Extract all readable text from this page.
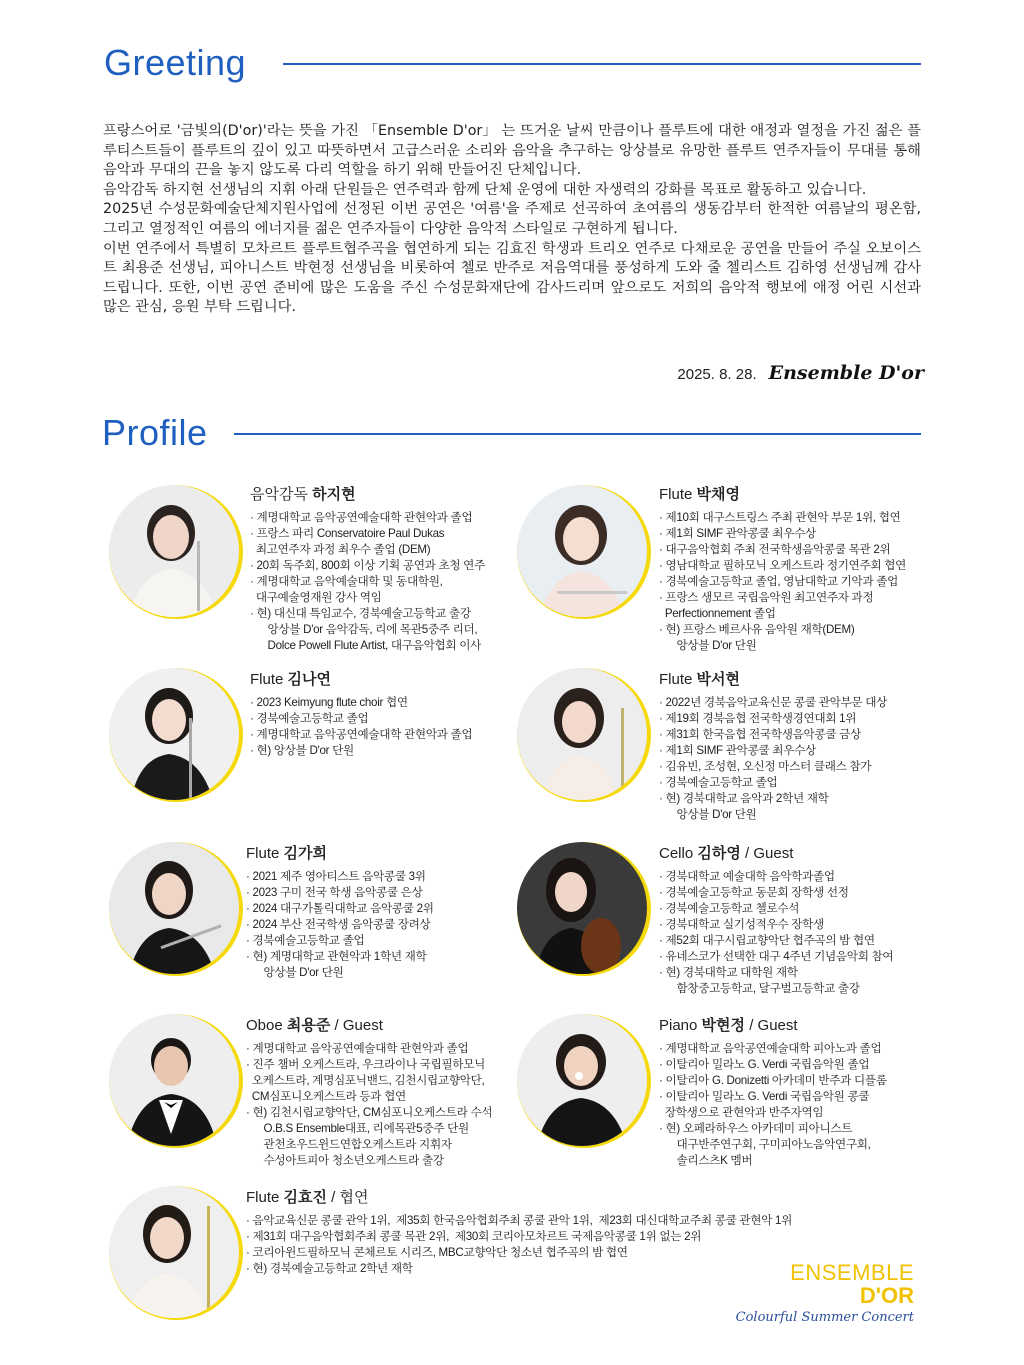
Greeting

프랑스어로 '금빛의(D'or)'라는 뜻을 가진 「Ensemble D'or」 는 뜨거운 날씨 만큼이나 플루트에 대한 애정과 열정을 가진 젊은 플루티스트들이 플루트의 깊이 있고 따뜻하면서 고급스러운 소리와 음악을 추구하는 앙상블로 유망한 플루트 연주자들이 무대를 통해 음악과 무대의 끈을 놓지 않도록 다리 역할을 하기 위해 만들어진 단체입니다.

음악감독 하지현 선생님의 지휘 아래 단원들은 연주력과 함께 단체 운영에 대한 자생력의 강화를 목표로 활동하고 있습니다.

2025년 수성문화예술단체지원사업에 선정된 이번 공연은 '여름'을 주제로 선곡하여 초여름의 생동감부터 한적한 여름날의 평온함, 그리고 열정적인 여름의 에너지를 젊은 연주자들이 다양한 음악적 스타일로 구현하게 됩니다.

이번 연주에서 특별히 모차르트 플루트협주곡을 협연하게 되는 김효진 학생과 트리오 연주로 다채로운 공연을 만들어 주실 오보이스트 최용준 선생님, 피아니스트 박현정 선생님을 비롯하여 첼로 반주로 저음역대를 풍성하게 도와 줄 첼리스트 김하영 선생님께 감사드립니다. 또한, 이번 공연 준비에 많은 도움을 주신 수성문화재단에 감사드리며 앞으로도 저희의 음악적 행보에 애정 어린 시선과 많은 관심, 응원 부탁 드립니다.

2025. 8. 28. Ensemble D'or
Profile
음악감독 하지현
· 계명대학교 음악공연예술대학 관현악과 졸업
· 프랑스 파리 Conservatoire Paul Dukas
최고연주자 과정 최우수 졸업 (DEM)
· 20회 독주회, 800회 이상 기획 공연과 초청 연주
· 계명대학교 음악예술대학 및 동대학원,
대구예술영재원 강사 역임
· 현) 대신대 특임교수, 경북예술고등학교 출강
앙상블 D'or 음악감독, 리에 목관5중주 리더,
Dolce Powell Flute Artist, 대구음악협회 이사
Flute 박채영
· 제10회 대구스트링스 주최 관현악 부문 1위, 협연
· 제1회 SIMF 관악콩쿨 최우수상
· 대구음악협회 주최 전국학생음악콩쿨 목관 2위
· 영남대학교 필하모닉 오케스트라 정기연주회 협연
· 경북예술고등학교 졸업, 영남대학교 기악과 졸업
· 프랑스 생모르 국립음악원 최고연주자 과정
Perfectionnement 졸업
· 현) 프랑스 베르사유 음악원 재학(DEM)
앙상블 D'or 단원
Flute 김나연
· 2023 Keimyung flute choir 협연
· 경북예술고등학교 졸업
· 계명대학교 음악공연예술대학 관현악과 졸업
· 현) 앙상블 D'or 단원
Flute 박서현
· 2022년 경북음악교육신문 콩쿨 관악부문 대상
· 제19회 경북음협 전국학생경연대회 1위
· 제31회 한국음협 전국학생음악콩쿨 금상
· 제1회 SIMF 관악콩쿨 최우수상
· 김유빈, 조성현, 오신정 마스터 클래스 참가
· 경북예술고등학교 졸업
· 현) 경북대학교 음악과 2학년 재학
앙상블 D'or 단원
Flute 김가희
· 2021 제주 영아티스트 음악콩쿨 3위
· 2023 구미 전국 학생 음악콩쿨 은상
· 2024 대구가톨릭대학교 음악콩쿨 2위
· 2024 부산 전국학생 음악콩쿨 장려상
· 경북예술고등학교 졸업
· 현) 계명대학교 관현악과 1학년 재학
앙상블 D'or 단원
Cello 김하영 / Guest
· 경북대학교 예술대학 음악학과졸업
· 경북예술고등학교 동문회 장학생 선정
· 경북예술고등학교 첼로수석
· 경북대학교 실기성적우수 장학생
· 제52회 대구시립교향악단 협주곡의 밤 협연
· 유네스코가 선택한 대구 4주년 기념음악회 참여
· 현) 경북대학교 대학원 재학
함창중고등학교, 달구벌고등학교 출강
Oboe 최용준 / Guest
· 계명대학교 음악공연예술대학 관현악과 졸업
· 진주 챔버 오케스트라, 우크라이나 국립필하모닉
오케스트라, 계명심포닉밴드, 김천시립교향악단,
CM심포니오케스트라 등과 협연
· 현) 김천시립교향악단, CM심포니오케스트라 수석
O.B.S Ensemble대표, 리에목관5중주 단원
관천초우드윈드연합오케스트라 지휘자
수성아트피아 청소년오케스트라 출강
Piano 박현정 / Guest
· 계명대학교 음악공연예술대학 피아노과 졸업
· 이탈리아 밀라노 G. Verdi 국립음악원 졸업
· 이탈리아 G. Donizetti 아카데미 반주과 디플롬
· 이탈리아 밀라노 G. Verdi 국립음악원 콩쿨
장학생으로 관현악과 반주자역임
· 현) 오페라하우스 아카데미 피아니스트
대구반주연구회, 구미피아노음악연구회,
솔리스츠K 멤버
Flute 김효진 / 협연
· 음악교육신문 콩쿨 관악 1위,  제35회 한국음악협회주최 콩쿨 관악 1위,  제23회 대신대학교주최 콩쿨 관현악 1위
· 제31회 대구음악협회주최 콩쿨 목관 2위,  제30회 코리아모차르트 국제음악콩쿨 1위 없는 2위
· 코리아윈드필하모닉 콘체르토 시리즈, MBC교향악단 청소년 협주곡의 밤 협연
· 현) 경북예술고등학교 2학년 재학	ENSEMBLE
D'OR
Colourful Summer Concert
